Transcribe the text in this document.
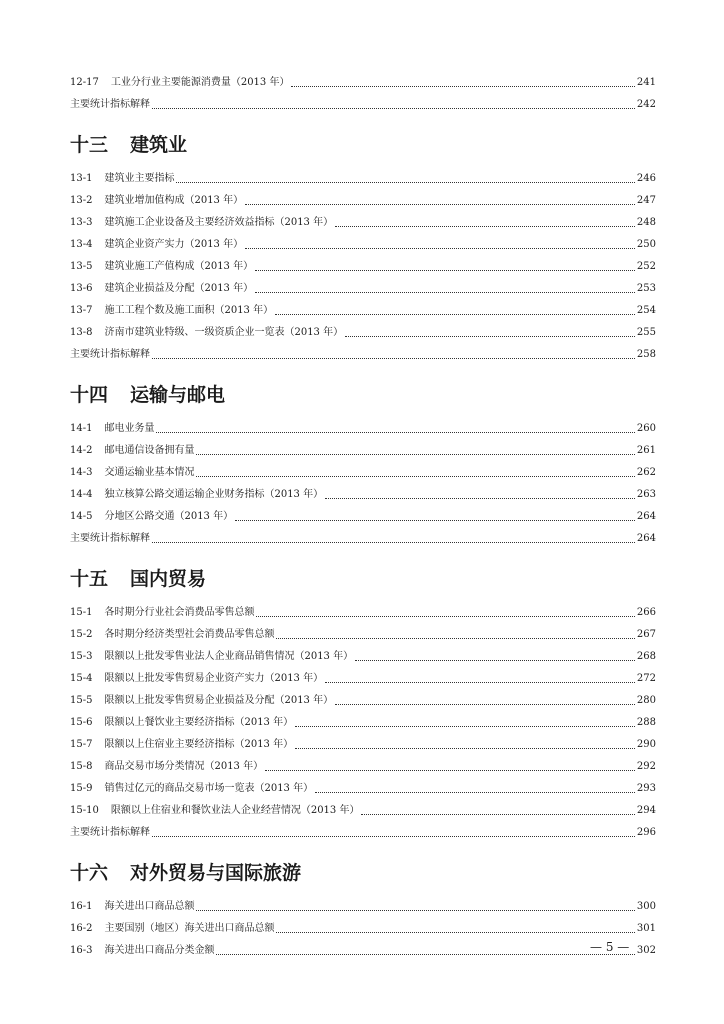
12-17 工业分行业主要能源消费量（2013 年）	241
主要统计指标解释	242
十三 建筑业
13-1 建筑业主要指标	246
13-2 建筑业增加值构成（2013 年）	247
13-3 建筑施工企业设备及主要经济效益指标（2013 年）	248
13-4 建筑企业资产实力（2013 年）	250
13-5 建筑业施工产值构成（2013 年）	252
13-6 建筑企业损益及分配（2013 年）	253
13-7 施工工程个数及施工面积（2013 年）	254
13-8 济南市建筑业特级、一级资质企业一览表（2013 年）	255
主要统计指标解释	258
十四 运输与邮电
14-1 邮电业务量	260
14-2 邮电通信设备拥有量	261
14-3 交通运输业基本情况	262
14-4 独立核算公路交通运输企业财务指标（2013 年）	263
14-5 分地区公路交通（2013 年）	264
主要统计指标解释	264
十五 国内贸易
15-1 各时期分行业社会消费品零售总额	266
15-2 各时期分经济类型社会消费品零售总额	267
15-3 限额以上批发零售业法人企业商品销售情况（2013 年）	268
15-4 限额以上批发零售贸易企业资产实力（2013 年）	272
15-5 限额以上批发零售贸易企业损益及分配（2013 年）	280
15-6 限额以上餐饮业主要经济指标（2013 年）	288
15-7 限额以上住宿业主要经济指标（2013 年）	290
15-8 商品交易市场分类情况（2013 年）	292
15-9 销售过亿元的商品交易市场一览表（2013 年）	293
15-10 限额以上住宿业和餐饮业法人企业经营情况（2013 年）	294
主要统计指标解释	296
十六 对外贸易与国际旅游
16-1 海关进出口商品总额	300
16-2 主要国别（地区）海关进出口商品总额	301
16-3 海关进出口商品分类金额	302
— 5 —
